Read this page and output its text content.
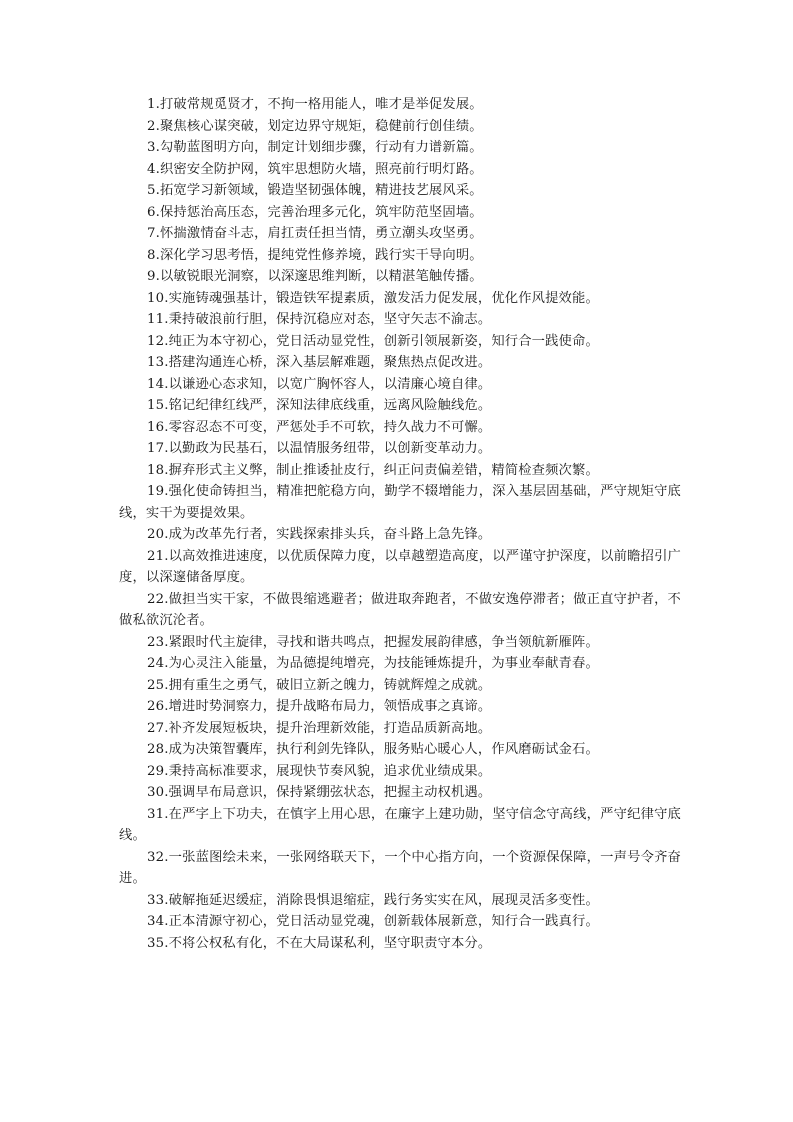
1.打破常规觅贤才，不拘一格用能人，唯才是举促发展。

2.聚焦核心谋突破，划定边界守规矩，稳健前行创佳绩。

3.勾勒蓝图明方向，制定计划细步骤，行动有力谱新篇。

4.织密安全防护网，筑牢思想防火墙，照亮前行明灯路。

5.拓宽学习新领域，锻造坚韧强体魄，精进技艺展风采。

6.保持惩治高压态，完善治理多元化，筑牢防范坚固墙。

7.怀揣激情奋斗志，肩扛责任担当情，勇立潮头攻坚勇。

8.深化学习思考悟，提纯党性修养境，践行实干导向明。

9.以敏锐眼光洞察，以深邃思维判断，以精湛笔触传播。

10.实施铸魂强基计，锻造铁军提素质，激发活力促发展，优化作风提效能。

11.秉持破浪前行胆，保持沉稳应对态，坚守矢志不渝志。

12.纯正为本守初心，党日活动显党性，创新引领展新姿，知行合一践使命。

13.搭建沟通连心桥，深入基层解难题，聚焦热点促改进。

14.以谦逊心态求知，以宽广胸怀容人，以清廉心境自律。

15.铭记纪律红线严，深知法律底线重，远离风险触线危。

16.零容忍态不可变，严惩处手不可软，持久战力不可懈。

17.以勤政为民基石，以温情服务纽带，以创新变革动力。

18.摒弃形式主义弊，制止推诿扯皮行，纠正问责偏差错，精简检查频次繁。

19.强化使命铸担当，精准把舵稳方向，勤学不辍增能力，深入基层固基础，严守规矩守底线，实干为要提效果。

20.成为改革先行者，实践探索排头兵，奋斗路上急先锋。

21.以高效推进速度，以优质保障力度，以卓越塑造高度，以严谨守护深度，以前瞻招引广度，以深邃储备厚度。

22.做担当实干家，不做畏缩逃避者；做进取奔跑者，不做安逸停滞者；做正直守护者，不做私欲沉沦者。

23.紧跟时代主旋律，寻找和谐共鸣点，把握发展韵律感，争当领航新雁阵。

24.为心灵注入能量，为品德提纯增亮，为技能锤炼提升，为事业奉献青春。

25.拥有重生之勇气，破旧立新之魄力，铸就辉煌之成就。

26.增进时势洞察力，提升战略布局力，领悟成事之真谛。

27.补齐发展短板块，提升治理新效能，打造品质新高地。

28.成为决策智囊库，执行利剑先锋队，服务贴心暖心人，作风磨砺试金石。

29.秉持高标准要求，展现快节奏风貌，追求优业绩成果。

30.强调早布局意识，保持紧绷弦状态，把握主动权机遇。

31.在严字上下功夫，在慎字上用心思，在廉字上建功勋，坚守信念守高线，严守纪律守底线。

32.一张蓝图绘未来，一张网络联天下，一个中心指方向，一个资源保保障，一声号令齐奋进。

33.破解拖延迟缓症，消除畏惧退缩症，践行务实实在风，展现灵活多变性。

34.正本清源守初心，党日活动显党魂，创新载体展新意，知行合一践真行。

35.不将公权私有化，不在大局谋私利，坚守职责守本分。
